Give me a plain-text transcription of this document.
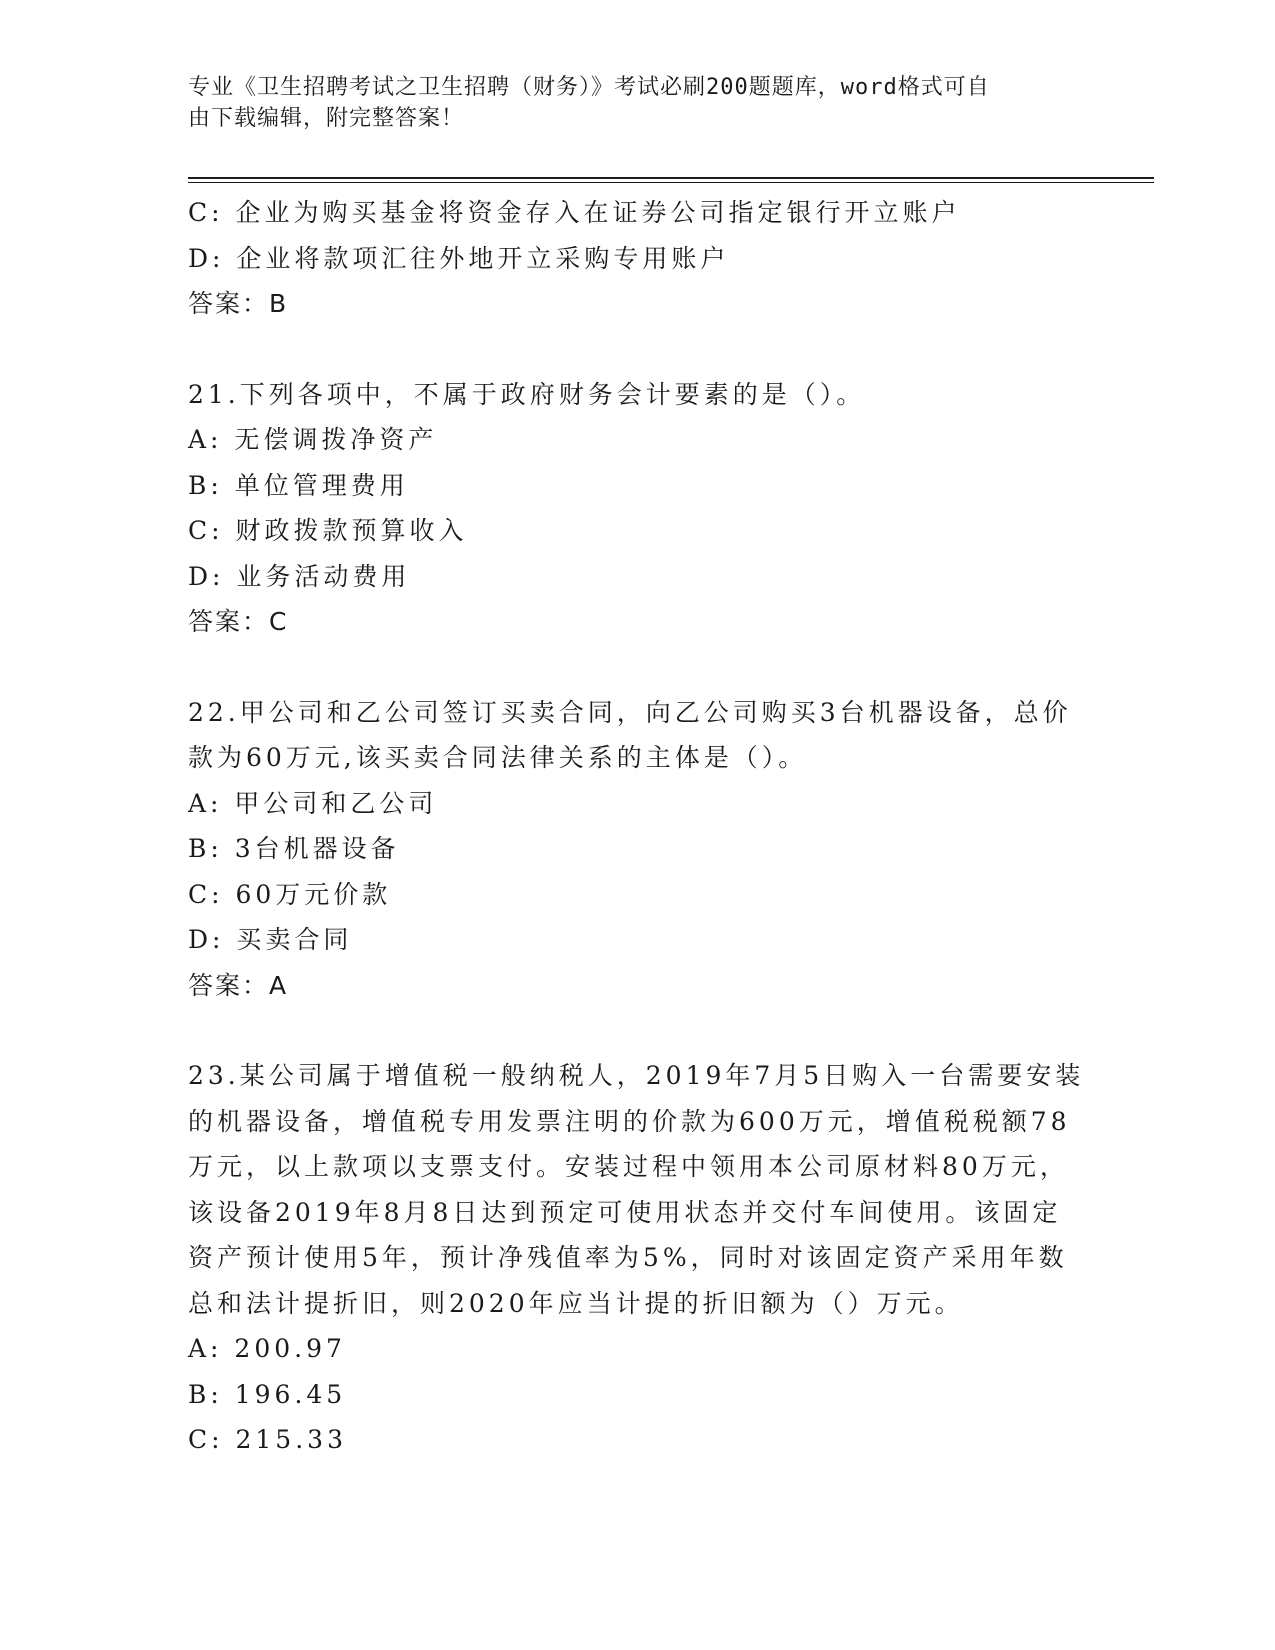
专业《卫生招聘考试之卫生招聘（财务）》考试必刷200题题库，word格式可自
由下载编辑，附完整答案！
C: 企业为购买基金将资金存入在证券公司指定银行开立账户
D: 企业将款项汇往外地开立采购专用账户
答案：B
21.下列各项中，不属于政府财务会计要素的是（）。
A: 无偿调拨净资产
B: 单位管理费用
C: 财政拨款预算收入
D: 业务活动费用
答案：C
22.甲公司和乙公司签订买卖合同，向乙公司购买3台机器设备，总价
款为60万元,该买卖合同法律关系的主体是（）。
A: 甲公司和乙公司
B: 3台机器设备
C: 60万元价款
D: 买卖合同
答案：A
23.某公司属于增值税一般纳税人，2019年7月5日购入一台需要安装
的机器设备，增值税专用发票注明的价款为600万元，增值税税额78
万元，以上款项以支票支付。安装过程中领用本公司原材料80万元，
该设备2019年8月8日达到预定可使用状态并交付车间使用。该固定
资产预计使用5年，预计净残值率为5%，同时对该固定资产采用年数
总和法计提折旧，则2020年应当计提的折旧额为（）万元。
A: 200.97
B: 196.45
C: 215.33
